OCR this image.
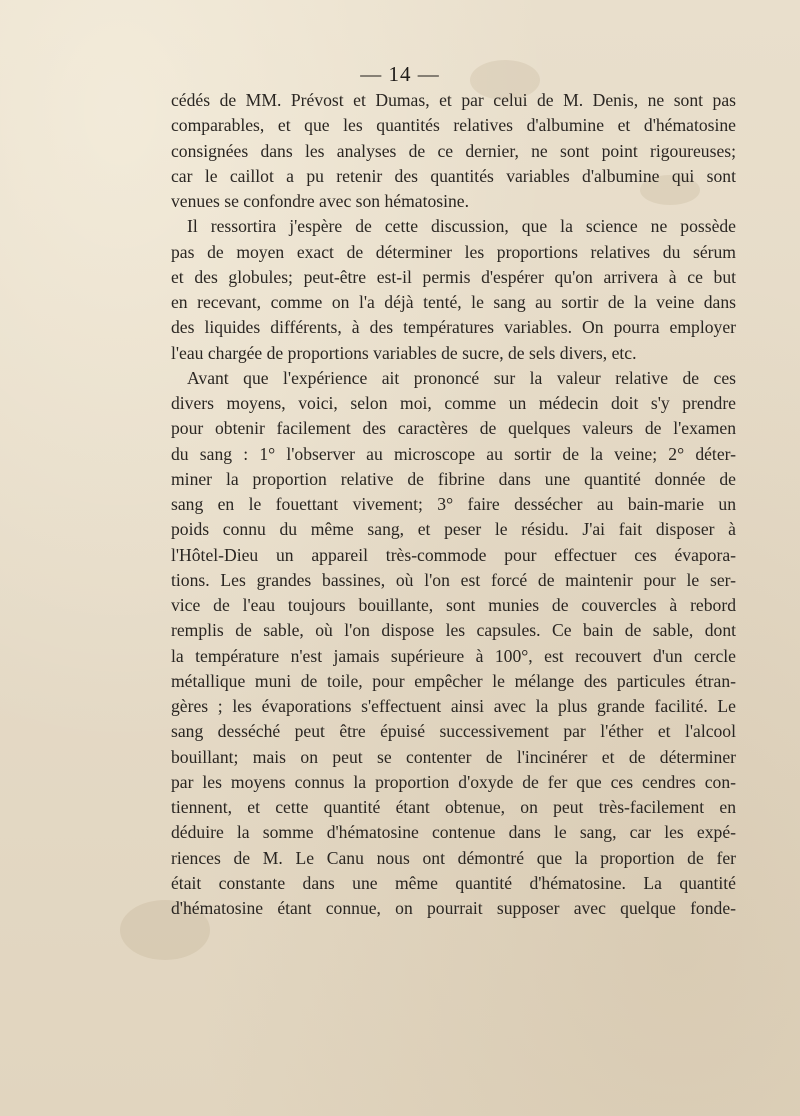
— 14 —
cédés de MM. Prévost et Dumas, et par celui de M. Denis, ne sont pas
comparables, et que les quantités relatives d'albumine et d'hématosine
consignées dans les analyses de ce dernier, ne sont point rigoureuses;
car le caillot a pu retenir des quantités variables d'albumine qui sont
venues se confondre avec son hématosine.
Il ressortira j'espère de cette discussion, que la science ne possède
pas de moyen exact de déterminer les proportions relatives du sérum
et des globules; peut-être est-il permis d'espérer qu'on arrivera à ce but
en recevant, comme on l'a déjà tenté, le sang au sortir de la veine dans
des liquides différents, à des températures variables. On pourra employer
l'eau chargée de proportions variables de sucre, de sels divers, etc.
Avant que l'expérience ait prononcé sur la valeur relative de ces
divers moyens, voici, selon moi, comme un médecin doit s'y prendre
pour obtenir facilement des caractères de quelques valeurs de l'examen
du sang : 1° l'observer au microscope au sortir de la veine; 2° déter-
miner la proportion relative de fibrine dans une quantité donnée de
sang en le fouettant vivement; 3° faire dessécher au bain-marie un
poids connu du même sang, et peser le résidu. J'ai fait disposer à
l'Hôtel-Dieu un appareil très-commode pour effectuer ces évapora-
tions. Les grandes bassines, où l'on est forcé de maintenir pour le ser-
vice de l'eau toujours bouillante, sont munies de couvercles à rebord
remplis de sable, où l'on dispose les capsules. Ce bain de sable, dont
la température n'est jamais supérieure à 100°, est recouvert d'un cercle
métallique muni de toile, pour empêcher le mélange des particules étran-
gères ; les évaporations s'effectuent ainsi avec la plus grande facilité. Le
sang desséché peut être épuisé successivement par l'éther et l'alcool
bouillant; mais on peut se contenter de l'incinérer et de déterminer
par les moyens connus la proportion d'oxyde de fer que ces cendres con-
tiennent, et cette quantité étant obtenue, on peut très-facilement en
déduire la somme d'hématosine contenue dans le sang, car les expé-
riences de M. Le Canu nous ont démontré que la proportion de fer
était constante dans une même quantité d'hématosine. La quantité
d'hématosine étant connue, on pourrait supposer avec quelque fonde-
